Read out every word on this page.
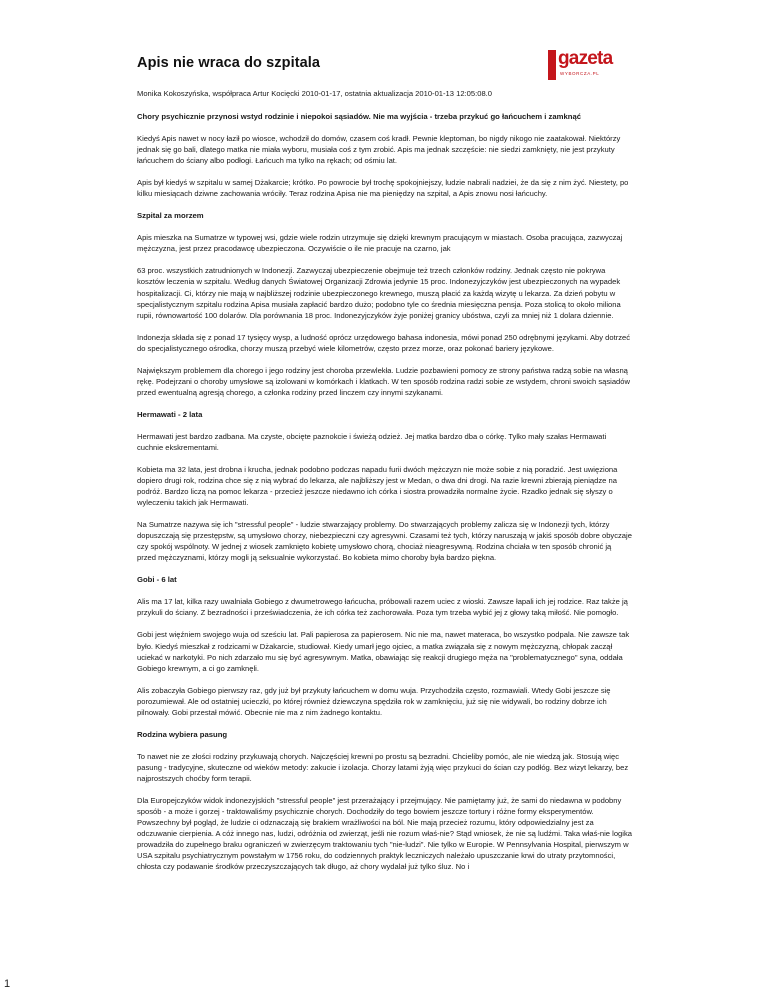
Apis nie wraca do szpitala	gazeta
WYBORCZA.PL

Monika Kokoszyńska, współpraca Artur Kocięcki 2010-01-17, ostatnia aktualizacja 2010-01-13 12:05:08.0

Chory psychicznie przynosi wstyd rodzinie i niepokoi sąsiadów. Nie ma wyjścia - trzeba przykuć go łańcuchem i zamknąć

Kiedyś Apis nawet w nocy łaził po wiosce, wchodził do domów, czasem coś kradł. Pewnie kleptoman, bo nigdy nikogo nie zaatakował. Niektórzy jednak się go bali, dlatego matka nie miała wyboru, musiała coś z tym zrobić. Apis ma jednak szczęście: nie siedzi zamknięty, nie jest przykuty łańcuchem do ściany albo podłogi. Łańcuch ma tylko na rękach; od ośmiu lat.

Apis był kiedyś w szpitalu w samej Dżakarcie; krótko. Po powrocie był trochę spokojniejszy, ludzie nabrali nadziei, że da się z nim żyć. Niestety, po kilku miesiącach dziwne zachowania wróciły. Teraz rodzina Apisa nie ma pieniędzy na szpital, a Apis znowu nosi łańcuchy.

Szpital za morzem

Apis mieszka na Sumatrze w typowej wsi, gdzie wiele rodzin utrzymuje się dzięki krewnym pracującym w miastach. Osoba pracująca, zazwyczaj mężczyzna, jest przez pracodawcę ubezpieczona. Oczywiście o ile nie pracuje na czarno, jak

63 proc. wszystkich zatrudnionych w Indonezji. Zazwyczaj ubezpieczenie obejmuje też trzech członków rodziny. Jednak często nie pokrywa kosztów leczenia w szpitalu. Według danych Światowej Organizacji Zdrowia jedynie 15 proc. Indonezyjczyków jest ubezpieczonych na wypadek hospitalizacji. Ci, którzy nie mają w najbliższej rodzinie ubezpieczonego krewnego, muszą płacić za każdą wizytę u lekarza. Za dzień pobytu w specjalistycznym szpitalu rodzina Apisa musiała zapłacić bardzo dużo; podobno tyle co średnia miesięczna pensja. Poza stolicą to około miliona rupii, równowartość 100 dolarów. Dla porównania 18 proc. Indonezyjczyków żyje poniżej granicy ubóstwa, czyli za mniej niż 1 dolara dziennie.

Indonezja składa się z ponad 17 tysięcy wysp, a ludność oprócz urzędowego bahasa indonesia, mówi ponad 250 odrębnymi językami. Aby dotrzeć do specjalistycznego ośrodka, chorzy muszą przebyć wiele kilometrów, często przez morze, oraz pokonać bariery językowe.

Największym problemem dla chorego i jego rodziny jest choroba przewlekła. Ludzie pozbawieni pomocy ze strony państwa radzą sobie na własną rękę. Podejrzani o choroby umysłowe są izolowani w komórkach i klatkach. W ten sposób rodzina radzi sobie ze wstydem, chroni swoich sąsiadów przed ewentualną agresją chorego, a członka rodziny przed linczem czy innymi szykanami.

Hermawati - 2 lata

Hermawati jest bardzo zadbana. Ma czyste, obcięte paznokcie i świeżą odzież. Jej matka bardzo dba o córkę. Tylko mały szałas Hermawati cuchnie ekskrementami.

Kobieta ma 32 lata, jest drobna i krucha, jednak podobno podczas napadu furii dwóch mężczyzn nie może sobie z nią poradzić. Jest uwięziona dopiero drugi rok, rodzina chce się z nią wybrać do lekarza, ale najbliższy jest w Medan, o dwa dni drogi. Na razie krewni zbierają pieniądze na podróż. Bardzo liczą na pomoc lekarza - przecież jeszcze niedawno ich córka i siostra prowadziła normalne życie. Rzadko jednak się słyszy o wyleczeniu takich jak Hermawati.

Na Sumatrze nazywa się ich "stressful people" - ludzie stwarzający problemy. Do stwarzających problemy zalicza się w Indonezji tych, którzy dopuszczają się przestępstw, są umysłowo chorzy, niebezpieczni czy agresywni. Czasami też tych, którzy naruszają w jakiś sposób dobre obyczaje czy spokój wspólnoty. W jednej z wiosek zamknięto kobietę umysłowo chorą, chociaż nieagresywną. Rodzina chciała w ten sposób chronić ją przed mężczyznami, którzy mogli ją seksualnie wykorzystać. Bo kobieta mimo choroby była bardzo piękna.

Gobi - 6 lat

Alis ma 17 lat, kilka razy uwalniała Gobiego z dwumetrowego łańcucha, próbowali razem uciec z wioski. Zawsze łapali ich jej rodzice. Raz także ją przykuli do ściany. Z bezradności i przeświadczenia, że ich córka też zachorowała. Poza tym trzeba wybić jej z głowy taką miłość. Nie pomogło.

Gobi jest więźniem swojego wuja od sześciu lat. Pali papierosa za papierosem. Nic nie ma, nawet materaca, bo wszystko podpala. Nie zawsze tak było. Kiedyś mieszkał z rodzicami w Dżakarcie, studiował. Kiedy umarł jego ojciec, a matka związała się z nowym mężczyzną, chłopak zaczął uciekać w narkotyki. Po nich zdarzało mu się być agresywnym. Matka, obawiając się reakcji drugiego męża na "problematycznego" syna, oddała Gobiego krewnym, a ci go zamknęli.

Alis zobaczyła Gobiego pierwszy raz, gdy już był przykuty łańcuchem w domu wuja. Przychodziła często, rozmawiali. Wtedy Gobi jeszcze się porozumiewał. Ale od ostatniej ucieczki, po której również dziewczyna spędziła rok w zamknięciu, już się nie widywali, bo rodziny dobrze ich pilnowały. Gobi przestał mówić. Obecnie nie ma z nim żadnego kontaktu.

Rodzina wybiera pasung

To nawet nie ze złości rodziny przykuwają chorych. Najczęściej krewni po prostu są bezradni. Chcieliby pomóc, ale nie wiedzą jak. Stosują więc pasung - tradycyjne, skuteczne od wieków metody: zakucie i izolacja. Chorzy latami żyją więc przykuci do ścian czy podłóg. Bez wizyt lekarzy, bez najprostszych choćby form terapii.

Dla Europejczyków widok indonezyjskich "stressful people" jest przerażający i przejmujący. Nie pamiętamy już, że sami do niedawna w podobny sposób - a może i gorzej - traktowaliśmy psychicznie chorych. Dochodziły do tego bowiem jeszcze tortury i różne formy eksperymentów. Powszechny był pogląd, że ludzie ci odznaczają się brakiem wrażliwości na ból. Nie mają przecież rozumu, który odpowiedzialny jest za odczuwanie cierpienia. A cóż innego nas, ludzi, odróżnia od zwierząt, jeśli nie rozum właś-nie? Stąd wniosek, że nie są ludźmi. Taka właś-nie logika prowadziła do zupełnego braku ograniczeń w zwierzęcym traktowaniu tych "nie-ludzi". Nie tylko w Europie. W Pennsylvania Hospital, pierwszym w USA szpitalu psychiatrycznym powstałym w 1756 roku, do codziennych praktyk leczniczych należało upuszczanie krwi do utraty przytomności, chłosta czy podawanie środków przeczyszczających tak długo, aż chory wydalał już tylko śluz. No i

1
